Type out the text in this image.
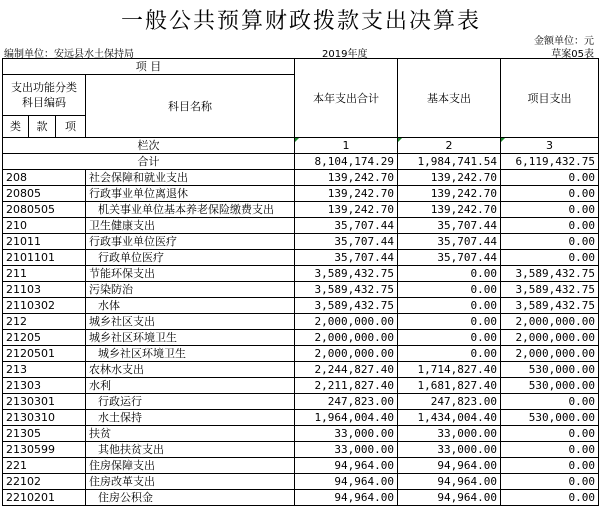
一般公共预算财政拨款支出决算表
金额单位：元
编制单位：安远县水土保持局	2019年度	草案05表
项 目				本年支出合计	基本支出	项目支出
支出功能分类科目编码			科目名称			

类	款	项				
栏次				1	2	3
合计				8,104,174.29	1,984,741.54	6,119,432.75
208			社会保障和就业支出	139,242.70	139,242.70	0.00
20805			行政事业单位离退休	139,242.70	139,242.70	0.00
2080505			机关事业单位基本养老保险缴费支出	139,242.70	139,242.70	0.00
210			卫生健康支出	35,707.44	35,707.44	0.00
21011			行政事业单位医疗	35,707.44	35,707.44	0.00
2101101			行政单位医疗	35,707.44	35,707.44	0.00
211			节能环保支出	3,589,432.75	0.00	3,589,432.75
21103			污染防治	3,589,432.75	0.00	3,589,432.75
2110302			水体	3,589,432.75	0.00	3,589,432.75
212			城乡社区支出	2,000,000.00	0.00	2,000,000.00
21205			城乡社区环境卫生	2,000,000.00	0.00	2,000,000.00
2120501			城乡社区环境卫生	2,000,000.00	0.00	2,000,000.00
213			农林水支出	2,244,827.40	1,714,827.40	530,000.00
21303			水利	2,211,827.40	1,681,827.40	530,000.00
2130301			行政运行	247,823.00	247,823.00	0.00
2130310			水土保持	1,964,004.40	1,434,004.40	530,000.00
21305			扶贫	33,000.00	33,000.00	0.00
2130599			其他扶贫支出	33,000.00	33,000.00	0.00
221			住房保障支出	94,964.00	94,964.00	0.00
22102			住房改革支出	94,964.00	94,964.00	0.00
2210201			住房公积金	94,964.00	94,964.00	0.00
